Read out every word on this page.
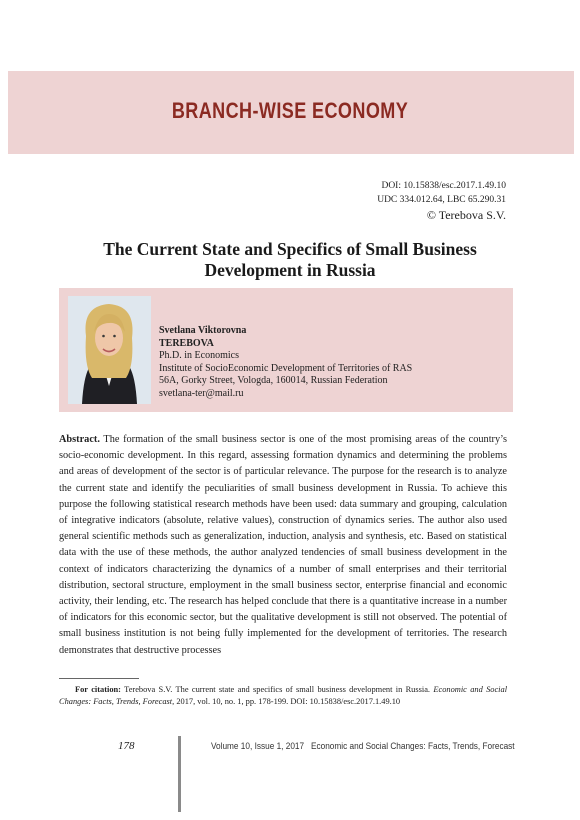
BRANCH-WISE ECONOMY
DOI: 10.15838/esc.2017.1.49.10
UDC 334.012.64, LBC 65.290.31
© Terebova S.V.
The Current State and Specifics of Small Business Development in Russia
Svetlana Viktorovna
TEREBOVA
Ph.D. in Economics
Institute of SocioEconomic Development of Territories of RAS
56A, Gorky Street, Vologda, 160014, Russian Federation
svetlana-ter@mail.ru
Abstract. The formation of the small business sector is one of the most promising areas of the country’s socio-economic development. In this regard, assessing formation dynamics and determining the problems and areas of development of the sector is of particular relevance. The purpose for the research is to analyze the current state and identify the peculiarities of small business development in Russia. To achieve this purpose the following statistical research methods have been used: data summary and grouping, calculation of integrative indicators (absolute, relative values), construction of dynamics series. The author also used general scientific methods such as generalization, induction, analysis and synthesis, etc. Based on statistical data with the use of these methods, the author analyzed tendencies of small business development in the context of indicators characterizing the dynamics of a number of small enterprises and their territorial distribution, sectoral structure, employment in the small business sector, enterprise financial and economic activity, their lending, etc. The research has helped conclude that there is a quantitative increase in a number of indicators for this economic sector, but the qualitative development is still not observed. The potential of small business institution is not being fully implemented for the development of territories. The research demonstrates that destructive processes
For citation: Terebova S.V. The current state and specifics of small business development in Russia. Economic and Social Changes: Facts, Trends, Forecast, 2017, vol. 10, no. 1, pp. 178-199. DOI: 10.15838/esc.2017.1.49.10
178	Volume 10, Issue 1, 2017 Economic and Social Changes: Facts, Trends, Forecast
